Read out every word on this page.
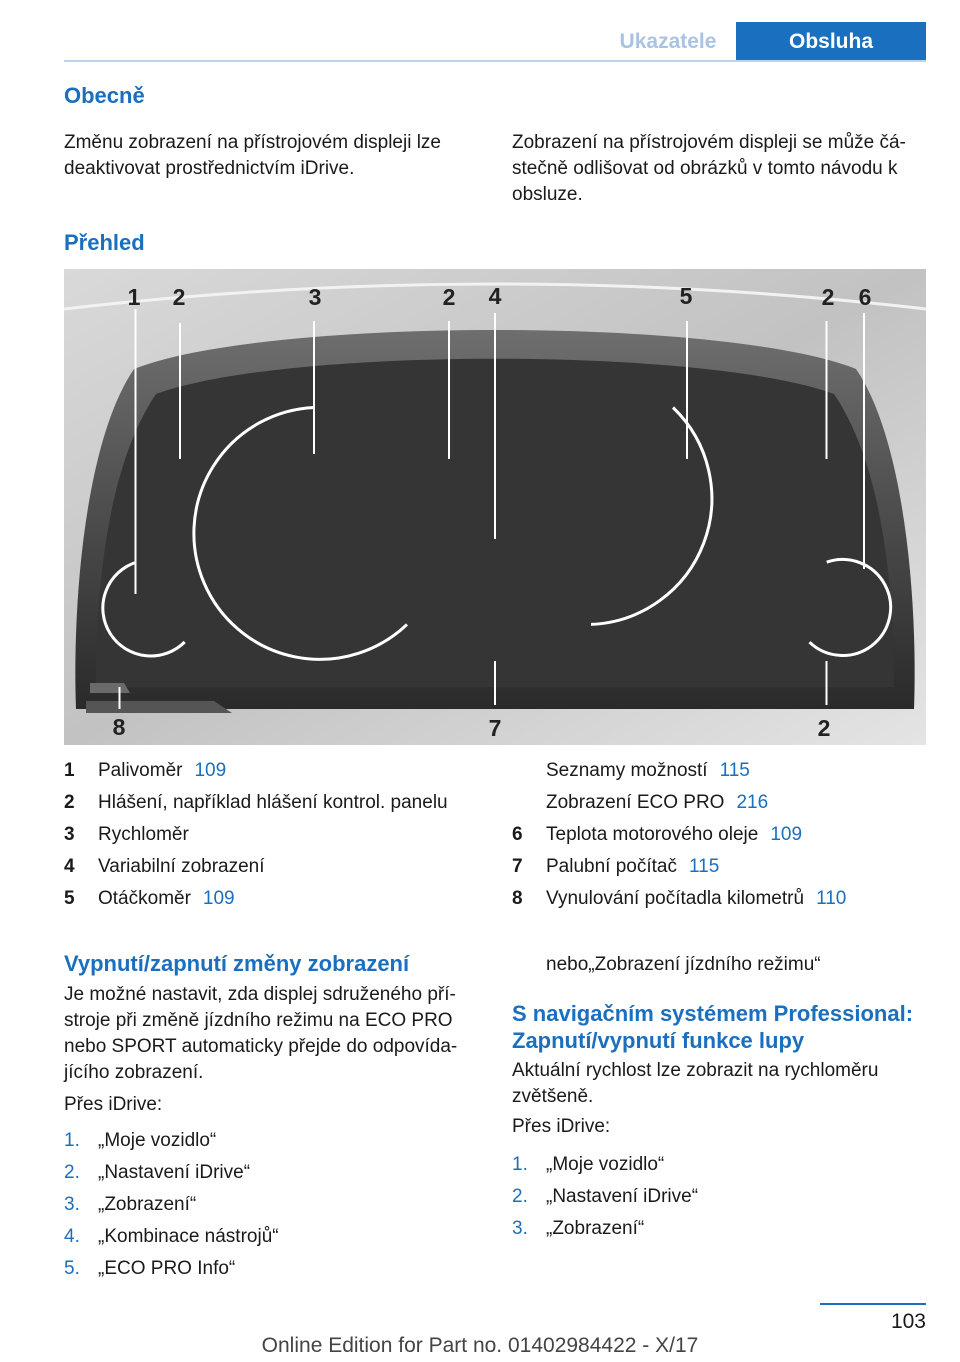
Ukazatele	Obsluha
Obecně
Změnu zobrazení na přístrojovém displeji lze
deaktivovat prostřednictvím iDrive.
Zobrazení na přístrojovém displeji se může čá‐
stečně odlišovat od obrázků v tomto návodu k
obsluze.
Přehled
1 2	3	2 4	5	2 6
8	7	2
1 Palivoměr 109
2 Hlášení, například hlášení kontrol. panelu
3 Rychloměr
4 Variabilní zobrazení
5 Otáčkoměr 109
Seznamy možností 115
Zobrazení ECO PRO 216
6 Teplota motorového oleje 109
7 Palubní počítač 115
8 Vynulování počítadla kilometrů 110
Vypnutí/zapnutí změny zobrazení
Je možné nastavit, zda displej sdruženého pří‐
stroje při změně jízdního režimu na ECO PRO
nebo SPORT automaticky přejde do odpovída‐
jícího zobrazení.
Přes iDrive:
1. „Moje vozidlo“
2. „Nastavení iDrive“
3. „Zobrazení“
4. „Kombinace nástrojů“
5. „ECO PRO Info“
nebo„Zobrazení jízdního režimu“
S navigačním systémem Professional:
Zapnutí/vypnutí funkce lupy
Aktuální rychlost lze zobrazit na rychloměru
zvětšeně.
Přes iDrive:
1. „Moje vozidlo“
2. „Nastavení iDrive“
3. „Zobrazení“
103
Online Edition for Part no. 01402984422 - X/17
